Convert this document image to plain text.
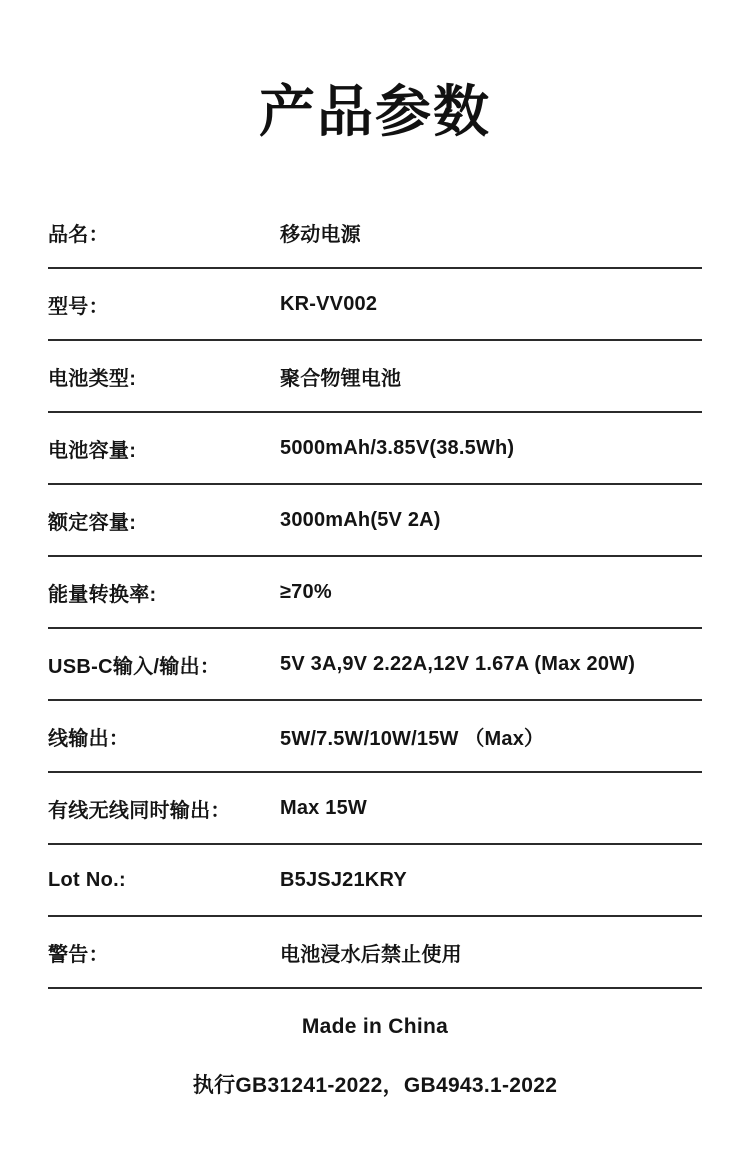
产品参数
品名：	移动电源
型号：	KR-VV002
电池类型:	聚合物锂电池
电池容量:	5000mAh/3.85V(38.5Wh)
额定容量:	3000mAh(5V 2A)
能量转换率:	≥70%
USB-C输入/输出：	5V 3A,9V 2.22A,12V 1.67A (Max 20W)
线输出：	5W/7.5W/10W/15W （Max）
有线无线同时输出：	Max 15W
Lot No.:	B5JSJ21KRY
警告：	电池浸水后禁止使用
Made in China
执行GB31241-2022，GB4943.1-2022
